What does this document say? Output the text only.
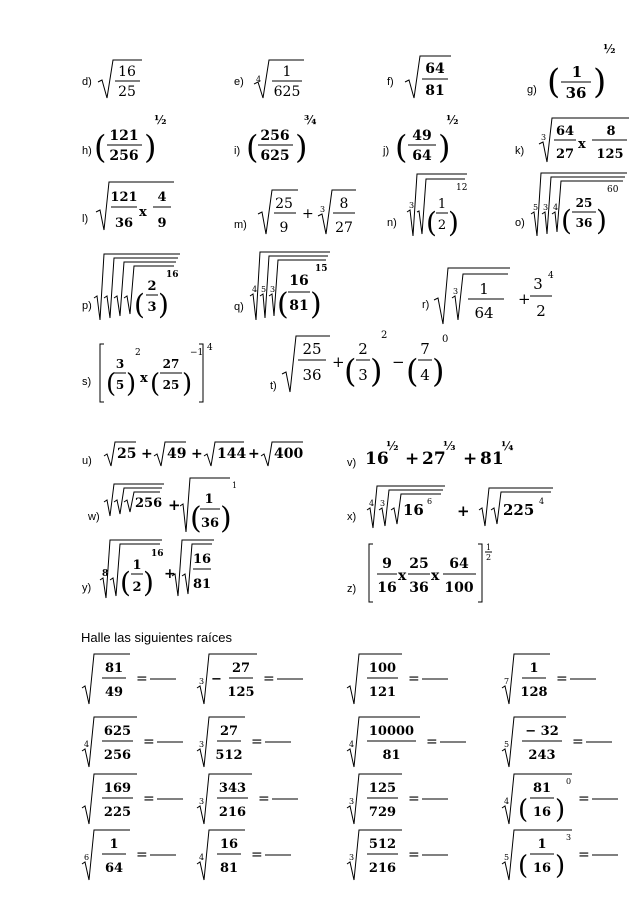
d)
16
25
e) 4 1
625
f)
64
81	g) ( 1
36 )
½
h) ( 121
256 )
½
i) ( 256
625 )
¾
j) ( 49
64 )
½
k)
3 64
27
x
8
125
l)
121
36
x
4
9	m)
25
9
+ 3 8
27	n)
3
(
1
2 )
12
o)
5 3 4 (
25
36 )
60
p) (
2
3 )
16
q)
4 5 3 (
16
81 )
15
r)
3 1
64
+
3 4
2
s) (
3
5 )
2
x (
27
25 )
−1 4
t)
25
36
+ (
2
3 )
2
− (
7
4 )
0
u) 25 + 49 + 144 + 400
v) 16
½
+ 27
⅓
+ 81
¼
w)
256 + (
1
36 )
1
x)
4 3 16 6
+ 225 4
y)
8 (
1
2 )
16
+
16
81	z)
9
16
x
25
36
x
64
100
1
2
Halle las siguientes raíces
81
49
=	3 −
27
125
=
100
121
=	7
1
128
=
4
625
256
=	3
27
512
=	4
10000
81
=	5
− 32
243
=
169
225
=	3
343
216
=	3
125
729
=	4 (
81
16 )
0
=
6
1
64
=	4
16
81
=	3
512
216
=	5 (
1
16 )
3
=
